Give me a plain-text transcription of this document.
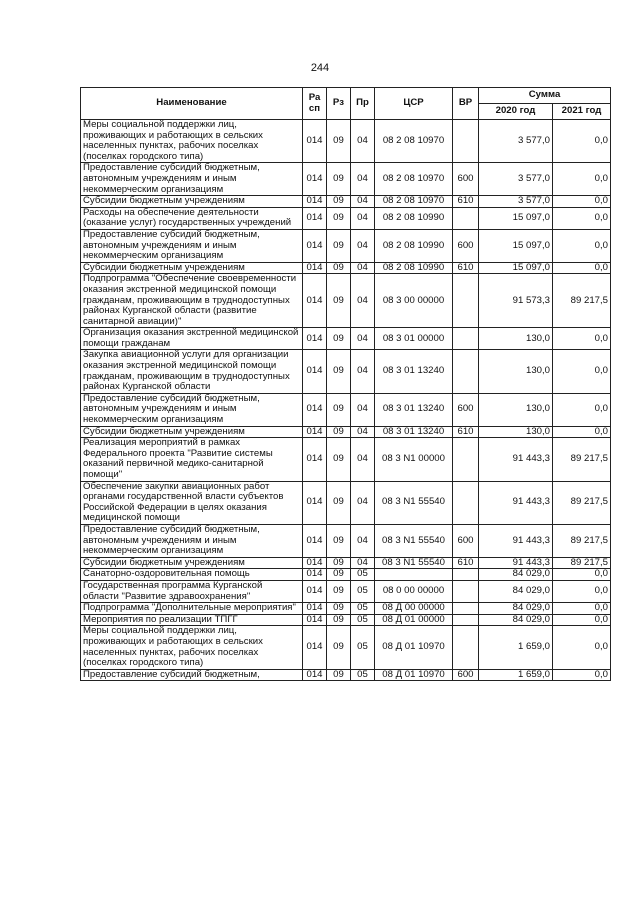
244
Наименование	Ра сп	Рз	Пр	ЦСР	ВР	Сумма	
						2020 год	2021 год
Меры социальной поддержки лиц, проживающих и работающих в сельских населенных пунктах, рабочих поселках (поселках городского типа)	014	09	04	08 2 08 10970		3 577,0	0,0
Предоставление субсидий бюджетным, автономным учреждениям и иным некоммерческим организациям	014	09	04	08 2 08 10970	600	3 577,0	0,0
Субсидии бюджетным учреждениям	014	09	04	08 2 08 10970	610	3 577,0	0,0
Расходы на обеспечение деятельности (оказание услуг) государственных учреждений	014	09	04	08 2 08 10990		15 097,0	0,0
Предоставление субсидий бюджетным, автономным учреждениям и иным некоммерческим организациям	014	09	04	08 2 08 10990	600	15 097,0	0,0
Субсидии бюджетным учреждениям	014	09	04	08 2 08 10990	610	15 097,0	0,0
Подпрограмма "Обеспечение своевременности оказания экстренной медицинской помощи гражданам, проживающим в труднодоступных районах Курганской области (развитие санитарной авиации)"	014	09	04	08 3 00 00000		91 573,3	89 217,5
Организация оказания экстренной медицинской помощи гражданам	014	09	04	08 3 01 00000		130,0	0,0
Закупка авиационной услуги для организации оказания экстренной медицинской помощи гражданам, проживающим в труднодоступных районах Курганской области	014	09	04	08 3 01 13240		130,0	0,0
Предоставление субсидий бюджетным, автономным учреждениям и иным некоммерческим организациям	014	09	04	08 3 01 13240	600	130,0	0,0
Субсидии бюджетным учреждениям	014	09	04	08 3 01 13240	610	130,0	0,0
Реализация мероприятий в рамках Федерального проекта "Развитие системы оказаний первичной медико-санитарной помощи"	014	09	04	08 3 N1 00000		91 443,3	89 217,5
Обеспечение закупки авиационных работ органами государственной власти субъектов Российской Федерации в целях оказания медицинской помощи	014	09	04	08 3 N1 55540		91 443,3	89 217,5
Предоставление субсидий бюджетным, автономным учреждениям и иным некоммерческим организациям	014	09	04	08 3 N1 55540	600	91 443,3	89 217,5
Субсидии бюджетным учреждениям	014	09	04	08 3 N1 55540	610	91 443,3	89 217,5
Санаторно-оздоровительная помощь	014	09	05			84 029,0	0,0
Государственная программа Курганской области "Развитие здравоохранения"	014	09	05	08 0 00 00000		84 029,0	0,0
Подпрограмма "Дополнительные мероприятия"	014	09	05	08 Д 00 00000		84 029,0	0,0
Мероприятия по реализации ТПГГ	014	09	05	08 Д 01 00000		84 029,0	0,0
Меры социальной поддержки лиц, проживающих и работающих в сельских населенных пунктах, рабочих поселках (поселках городского типа)	014	09	05	08 Д 01 10970		1 659,0	0,0
Предоставление субсидий бюджетным,	014	09	05	08 Д 01 10970	600	1 659,0	0,0
